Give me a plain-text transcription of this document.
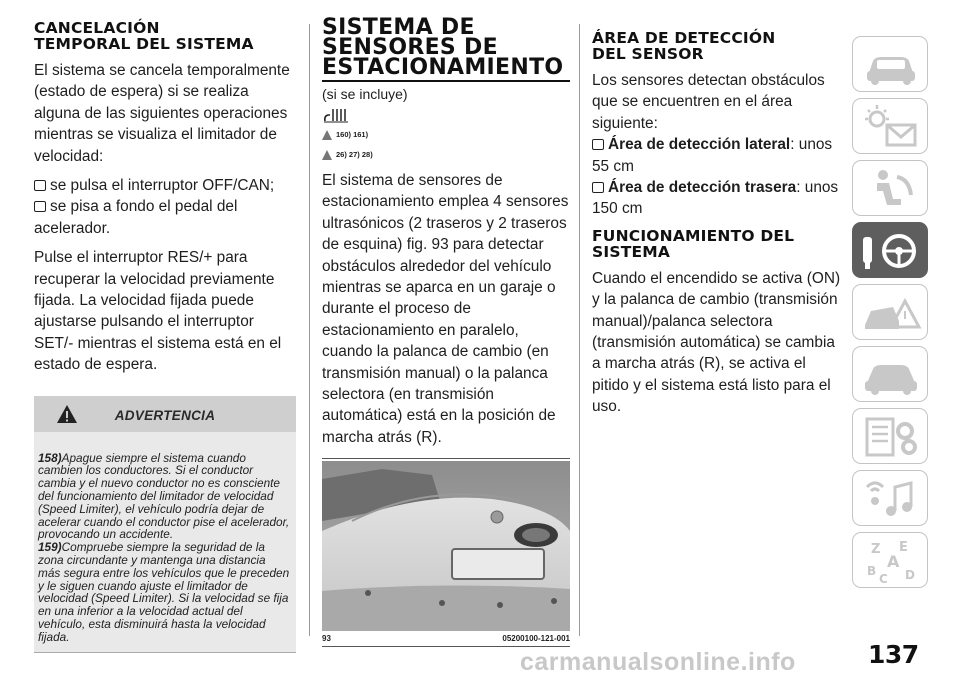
CANCELACIÓN
TEMPORAL DEL SISTEMA

El sistema se cancela temporalmente (estado de espera) si se realiza alguna de las siguientes operaciones mientras se visualiza el limitador de velocidad:

se pulsa el interruptor OFF/CAN;
se pisa a fondo el pedal del acelerador.

Pulse el interruptor RES/+ para recuperar la velocidad previamente fijada. La velocidad fijada puede ajustarse pulsando el interruptor SET/- mientras el sistema está en el estado de espera.

ADVERTENCIA
158)Apague siempre el sistema cuando cambien los conductores. Si el conductor cambia y el nuevo conductor no es consciente del funcionamiento del limitador de velocidad (Speed Limiter), el vehículo podría dejar de acelerar cuando el conductor pise el acelerador, provocando un accidente.
159)Compruebe siempre la seguridad de la zona circundante y mantenga una distancia más segura entre los vehículos que le preceden y le siguen cuando ajuste el limitador de velocidad (Speed Limiter). Si la velocidad se fija en una inferior a la velocidad actual del vehículo, esta disminuirá hasta la velocidad fijada.
SISTEMA DE
SENSORES DE
ESTACIONAMIENTO
(si se incluye)
160) 161)
26) 27) 28)

El sistema de sensores de estacionamiento emplea 4 sensores ultrasónicos (2 traseros y 2 traseros de esquina) fig. 93 para detectar obstáculos alrededor del vehículo mientras se aparca en un garaje o durante el proceso de estacionamiento en paralelo, cuando la palanca de cambio (en transmisión manual) o la palanca selectora (en transmisión automática) está en la posición de marcha atrás (R).

93	05200100-121-001
ÁREA DE DETECCIÓN
DEL SENSOR

Los sensores detectan obstáculos que se encuentren en el área siguiente:

Área de detección lateral: unos 55 cm
Área de detección trasera: unos 150 cm
FUNCIONAMIENTO DEL
SISTEMA

Cuando el encendido se activa (ON) y la palanca de cambio (transmisión manual)/palanca selectora (transmisión automática) se cambia a marcha atrás (R), se activa el pitido y el sistema está listo para el uso.

Z E
A
B
C D
137
carmanualsonline.info
